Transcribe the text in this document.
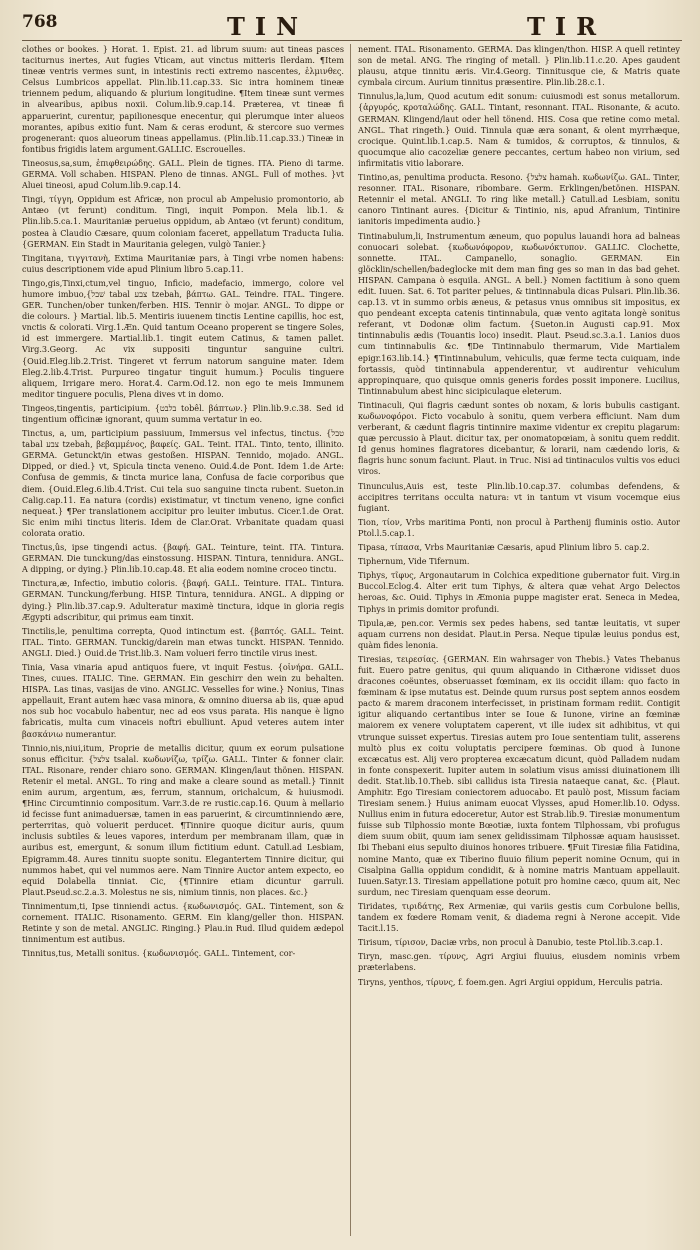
768	TIN	TIR

clothes or bookes. } Horat. 1. Epist. 21. ad librum suum: aut tineas pasces taciturnus inertes, Aut fugies Vticam, aut vinctus mitteris Ilerdam. ¶Item tineæ ventris vermes sunt, in intestinis recti extremo nascentes, ἑλμινθες. Celsus Lumbricos appellat. Plin.lib.11.cap.33. Sic intra hominem tineæ triennem pedum, aliquando & plurium longitudine. ¶Item tineæ sunt vermes in alvearibus, apibus noxii. Colum.lib.9.cap.14. Præterea, vt tineæ fi apparuerint, curentur, papilionesque enecentur, qui plerumque inter alueos morantes, apibus exitio funt. Nam & ceras erodunt, & stercore suo vermes progenerant: quos alueorum tineas appellamus. (Plin.lib.11.cap.33.) Tineæ in fontibus frigidis latem argument.GALLIC. Escrouelles.

Tineosus,sa,sum, ἐπιφθειρώδης. GALL. Plein de tignes. ITA. Pieno di tarme. GERMA. Voll schaben. HISPAN. Pleno de tinnas. ANGL. Full of mothes. }vt Aluei tineosi, apud Colum.lib.9.cap.14.

Tingi, τίγγη, Oppidum est Africæ, non procul ab Ampelusio promontorio, ab Antæo (vt ferunt) conditum. Tingi, inquit Pompon. Mela lib.1. & Plin.lib.5.ca.1. Mauritaniæ perueius oppidum, ab Antæo (vt ferunt) conditum, postea à Claudio Cæsare, quum coloniam faceret, appellatum Traducta Iulia. {GERMAN. Ein Stadt in Mauritania gelegen, vulgò Tanier.}

Tingitana, τιγγιτανὴ, Extima Mauritaniæ pars, à Tingi vrbe nomen habens: cuius descriptionem vide apud Plinium libro 5.cap.11.

Tingo,gis,Tinxi,ctum,vel tinguo, Inficio, madefacio, immergo, colore vel humore imbuo,{שׁבל tabal צבע tzebah, βάπτω. GAL. Teindre. ITAL. Tingere. GER. Tunchen/ober tunken/ferben. HIS. Tennir ò mojar. ANGL. To dippe or die colours. } Martial. lib.5. Mentiris iuuenem tinctis Lentine capillis, hoc est, vnctis & colorati. Virg.1.Æn. Quid tantum Oceano properent se tingere Soles, id est immergere. Martial.lib.1. tingit eutem Catinus, & tamen pallet. Virg.3.Georg. Ac vix suppositi tinguntur sanguine cultri. {Ouid.Eleg.lib.2.Trist. Tingeret vt ferrum natorum sanguine mater. Idem Eleg.2.lib.4.Trist. Purpureo tingatur tinguit humum.} Poculis tinguere aliquem, Irrigare mero. Horat.4. Carm.Od.12. non ego te meis Immunem meditor tinguere poculis, Plena dives vt in domo.

Tingeos,tingentis, participium. {בלבט tobêl. βάπτων.} Plin.lib.9.c.38. Sed id tingentium officinæ ignorant, quum summa vertatur in eo.

Tinctus, a, um, participium passiuum, Immersus vel infectus, tinctus. {טבל tabal צבע tzebah, βεβαμμένος, βαφείς. GAL. Teint. ITAL. Tinto, tento, illinito. GERMA. Getunckt/in etwas gestoßen. HISPAN. Tennido, mojado. ANGL. Dipped, or died.} vt, Spicula tincta veneno. Ouid.4.de Pont. Idem 1.de Arte: Confusa de gemmis, & tincta murice lana, Confusa de facie corporibus que diem. {Ouid.Eleg.6.lib.4.Trist. Cui tela suo sanguine tincta rubent. Sueton.in Calig.cap.11. Ea natura (cordis) existimatur, vt tinctum veneno, igne confici nequeat.} ¶Per translationem accipitur pro leuiter imbutus. Cicer.1.de Orat. Sic enim mihi tinctus literis. Idem de Clar.Orat. Vrbanitate quadam quasi colorata oratio.

Tinctus,ûs, ipse tingendi actus. {βαφή. GAL. Teinture, teint. ITA. Tintura. GERMAN. Die tunckung/das einstossung. HISPAN. Tintura, tennidura. ANGL. A dipping, or dying.} Plin.lib.10.cap.48. Et alia eodem nomine croceo tinctu.

Tinctura,æ, Infectio, imbutio coloris. {βαφή. GALL. Teinture. ITAL. Tintura. GERMAN. Tunckung/ferbung. HISP. Tintura, tennidura. ANGL. A dipping or dying.} Plin.lib.37.cap.9. Adulteratur maximè tinctura, idque in gloria regis Ægypti adscribitur, qui primus eam tinxit.

Tinctilis,le, penultima correpta, Quod intinctum est. {βαπτός. GALL. Teint. ITAL. Tinto. GERMAN. Tunckig/darein man etwas tunckt. HISPAN. Tennido. ANGLI. Died.} Ouid.de Trist.lib.3. Nam volueri ferro tinctile virus inest.

Tinia, Vasa vinaria apud antiquos fuere, vt inquit Festus. {οἰνήρα. GALL. Tines, cuues. ITALIC. Tine. GERMAN. Ein geschirr den wein zu behalten. HISPA. Las tinas, vasijas de vino. ANGLIC. Vesselles for wine.} Nonius, Tinas appellauit, Erant autem hæc vasa minora, & omnino diuersa ab iis, quæ apud nos sub hoc vocabulo habentur, nec ad eos vsus parata. His nanque è ligno fabricatis, multa cum vinaceis noftri ebulliunt. Apud veteres autem inter βασκάνιω numerantur.

Tinnio,nis,niui,itum, Proprie de metallis dicitur, quum ex eorum pulsatione sonus efficitur. {צלצל tsalal. κωδωνίζω, τρίζω. GALL. Tinter & fonner clair. ITAL. Risonare, render chiaro sono. GERMAN. Klingen/laut thönen. HISPAN. Retenir el metal. ANGL. To ring and make a cleare sound as metall.} Tinnit enim aurum, argentum, æs, ferrum, stannum, orichalcum, & huiusmodi. ¶Hinc Circumtinnio compositum. Varr.3.de re rustic.cap.16. Quum à mellario id fecisse funt animaduersæ, tamen in eas paruerint, & circumtinniendo ære, perterritas, quò voluerit perducet. ¶Tinnire quoque dicitur auris, quum inclusis subtiles & leues vapores, interdum per membranam illam, quæ in auribus est, emergunt, & sonum illum fictitium edunt. Catull.ad Lesbiam, Epigramm.48. Aures tinnitu suopte sonitu. Elegantertem Tinnire dicitur, qui nummos habet, qui vel nummos aere. Nam Tinnire Auctor antem expecto, eo equid Dolabella tinniat. Cic, {¶Tinnire etiam dicuntur garruli. Plaut.Pseud.sc.2.a.3. Molestus ne sis, nimium tinnis, non places. &c.}

Tinnimentum,ti, Ipse tinniendi actus. {κωδωνισμός. GAL. Tintement, son & cornement. ITALIC. Risonamento. GERM. Ein klang/geller thon. HISPAN. Retinte y son de metal. ANGLIC. Ringing.} Plau.in Rud. Illud quidem ædepol tinnimentum est autibus.

Tinnitus,tus, Metalli sonitus. {κωδωνισμός. GALL. Tintement, cor-

nement. ITAL. Risonamento. GERMA. Das klingen/thon. HISP. A quell retintey son de metal. ANG. The ringing of metall. } Plin.lib.11.c.20. Apes gaudent plausu, atque tinnitu æris. Vir.4.Georg. Tinnitusque cie, & Matris quate cymbala circum. Aurium tinnitus præsentire. Plin.lib.28.c.1.

Tinnulus,la,lum, Quod acutum edit sonum: cuiusmodi est sonus metallorum. {ἀργυρός, κροταλώδης. GALL. Tintant, resonnant. ITAL. Risonante, & acuto. GERMAN. Klingend/laut oder hell tönend. HIS. Cosa que retine como metal. ANGL. That ringeth.} Ouid. Tinnula quæ æra sonant, & olent myrrhæque, crocique. Quint.lib.1.cap.5. Nam & tumidos, & corruptos, & tinnulos, & quocumque alio cacozeliæ genere peccantes, certum habeo non virium, sed infirmitatis vitio laborare.

Tintino,as, penultima producta. Resono. {צלצל hamah. κωδωνίζω. GAL. Tinter, resonner. ITAL. Risonare, ribombare. Germ. Erklingen/betönen. HISPAN. Retennir el metal. ANGLI. To ring like metall.} Catull.ad Lesbiam, sonitu canoro Tintinant aures. {Dicitur & Tintinio, nis, apud Afranium, Tintinire ianitoris impedimenta audio.}

Tintinabulum,li, Instrumentum æneum, quo populus lauandi hora ad balneas conuocari solebat. {κωδωνόφορον, κωδωνόκτυπον. GALLIC. Clochette, sonnette. ITAL. Campanello, sonaglio. GERMAN. Ein glöcklin/schellen/badeglocke mit dem man fing ges so man in das bad gehet. HISPAN. Campana ò esquila. ANGL. A bell.} Nomen factitium à sono quem edit. Iuuen. Sat. 6. Tot pariter pelues, & tintinnabula dicas Pulsari. Plin.lib.36. cap.13. vt in summo orbis æneus, & petasus vnus omnibus sit impositus, ex quo pendeant excepta catenis tintinnabula, quæ vento agitata longè sonitus referant, vt Dodonæ olim factum. {Sueton.in Augusti cap.91. Mox tintinnabulis ædis (Touantis loco) insedit. Plaut. Pseud.sc.3.a.1. Lanios duos cum tintinnabulis &c. ¶De Tintinnabulo thermarum, Vide Martialem epigr.163.lib.14.} ¶Tintinnabulum, vehiculis, quæ ferme tecta cuiquam, inde fortassis, quòd tintinnabula appenderentur, vt audirentur vehiculum appropinquare, quo quisque omnis generis fordes possit imponere. Lucilius, Tintinnabulum abest hinc sicipiculaque eleterum.

Tintinaculi, Qui flagris cædunt sontes ob noxam, & loris bubulis castigant. κωδωνοφόροι. Ficto vocabulo à sonitu, quem verbera efficiunt. Nam dum verberant, & cædunt flagris tintinnire maxime videntur ex crepitu plagarum: quæ percussio à Plaut. dicitur tax, per onomatopœiam, à sonitu quem reddit. Id genus homines flagratores dicebantur, & lorarii, nam cædendo loris, & flagris hunc sonum faciunt. Plaut. in Truc. Nisi ad tintinaculos vultis vos educi viros.

Tinunculus,Auis est, teste Plin.lib.10.cap.37. columbas defendens, & accipitres territans occulta natura: vt in tantum vt visum vocemque eius fugiant.

Tion, τίον, Vrbs maritima Ponti, non procul à Parthenij fluminis ostio. Autor Ptol.l.5.cap.1.

Tipasa, τίπασα, Vrbs Mauritaniæ Cæsaris, apud Plinium libro 5. cap.2.

Tiphernum, Vide Tifernum.

Tiphys, τῖφυς, Argonautarum in Colchica expeditione gubernator fuit. Virg.in Buccol.Eclog.4. Alter erit tum Tiphys, & altera quæ vehat Argo Delectos heroas, &c. Ouid. Tiphys in Æmonia puppe magister erat. Seneca in Medea, Tiphys in primis domitor profundi.

Tipula,æ, pen.cor. Vermis sex pedes habens, sed tantæ leuitatis, vt super aquam currens non desidat. Plaut.in Persa. Neque tipulæ leuius pondus est, quàm fides lenonia.

Tiresias, τειρεσίας. {GERMAN. Ein wahrsager von Thebis.} Vates Thebanus fuit. Euero patre genitus, qui quum aliquando in Cithærone vidisset duos dracones coëuntes, obseruasset fœminam, ex iis occidit illam: quo facto in fœminam & ipse mutatus est. Deinde quum rursus post septem annos eosdem pacto & marem draconem interfecisset, in pristinam formam rediit. Contigit igitur aliquando certantibus inter se Ioue & Iunone, virine an fœminæ maiorem ex venere voluptatem caperent, vt ille iudex sit adhibitus, vt qui vtrunque suisset expertus. Tiresias autem pro Ioue sententiam tulit, asserens multò plus ex coitu voluptatis percipere fœminas. Ob quod à Iunone excæcatus est. Alij vero propterea excæcatum dicunt, quòd Palladem nudam in fonte conspexerit. Iupiter autem in solatium visus amissi diuinationem illi dedit. Stat.lib.10.Theb. sibi callidus ista Tiresia nataeque canat, &c. {Plaut. Amphitr. Ego Tiresiam coniectorem aduocabo. Et paulò post, Missum faciam Tiresiam senem.} Huius animam euocat Vlysses, apud Homer.lib.10. Odyss. Nullius enim in futura edoceretur, Autor est Strab.lib.9. Tiresiæ monumentum fuisse sub Tilphossio monte Bœotiæ, iuxta fontem Tilphossam, vbi profugus diem suum obiit, quum iam senex gelidissimam Tilphossæ aquam hausisset. Ibi Thebani eius sepulto diuinos honores tribuere. ¶Fuit Tiresiæ filia Fatidina, nomine Manto, quæ ex Tiberino fluuio filium peperit nomine Ocnum, qui in Cisalpina Gallia oppidum condidit, & à nomine matris Mantuam appellauit. Iuuen.Satyr.13. Tiresiam appellatione potuit pro homine cæco, quum ait, Nec surdum, nec Tiresiam quenquam esse deorum.

Tiridates, τιριδάτης, Rex Armeniæ, qui variis gestis cum Corbulone bellis, tandem ex fœdere Romam venit, & diadema regni à Nerone accepit. Vide Tacit.l.15.

Tirisum, τίρισον, Daciæ vrbs, non procul à Danubio, teste Ptol.lib.3.cap.1.

Tiryn, masc.gen. τίρυνς, Agri Argiui fluuius, eiusdem nominis vrbem præterlabens.

Tiryns, yenthos, τίρυνς, f. foem.gen. Agri Argiui oppidum, Herculis patria.
